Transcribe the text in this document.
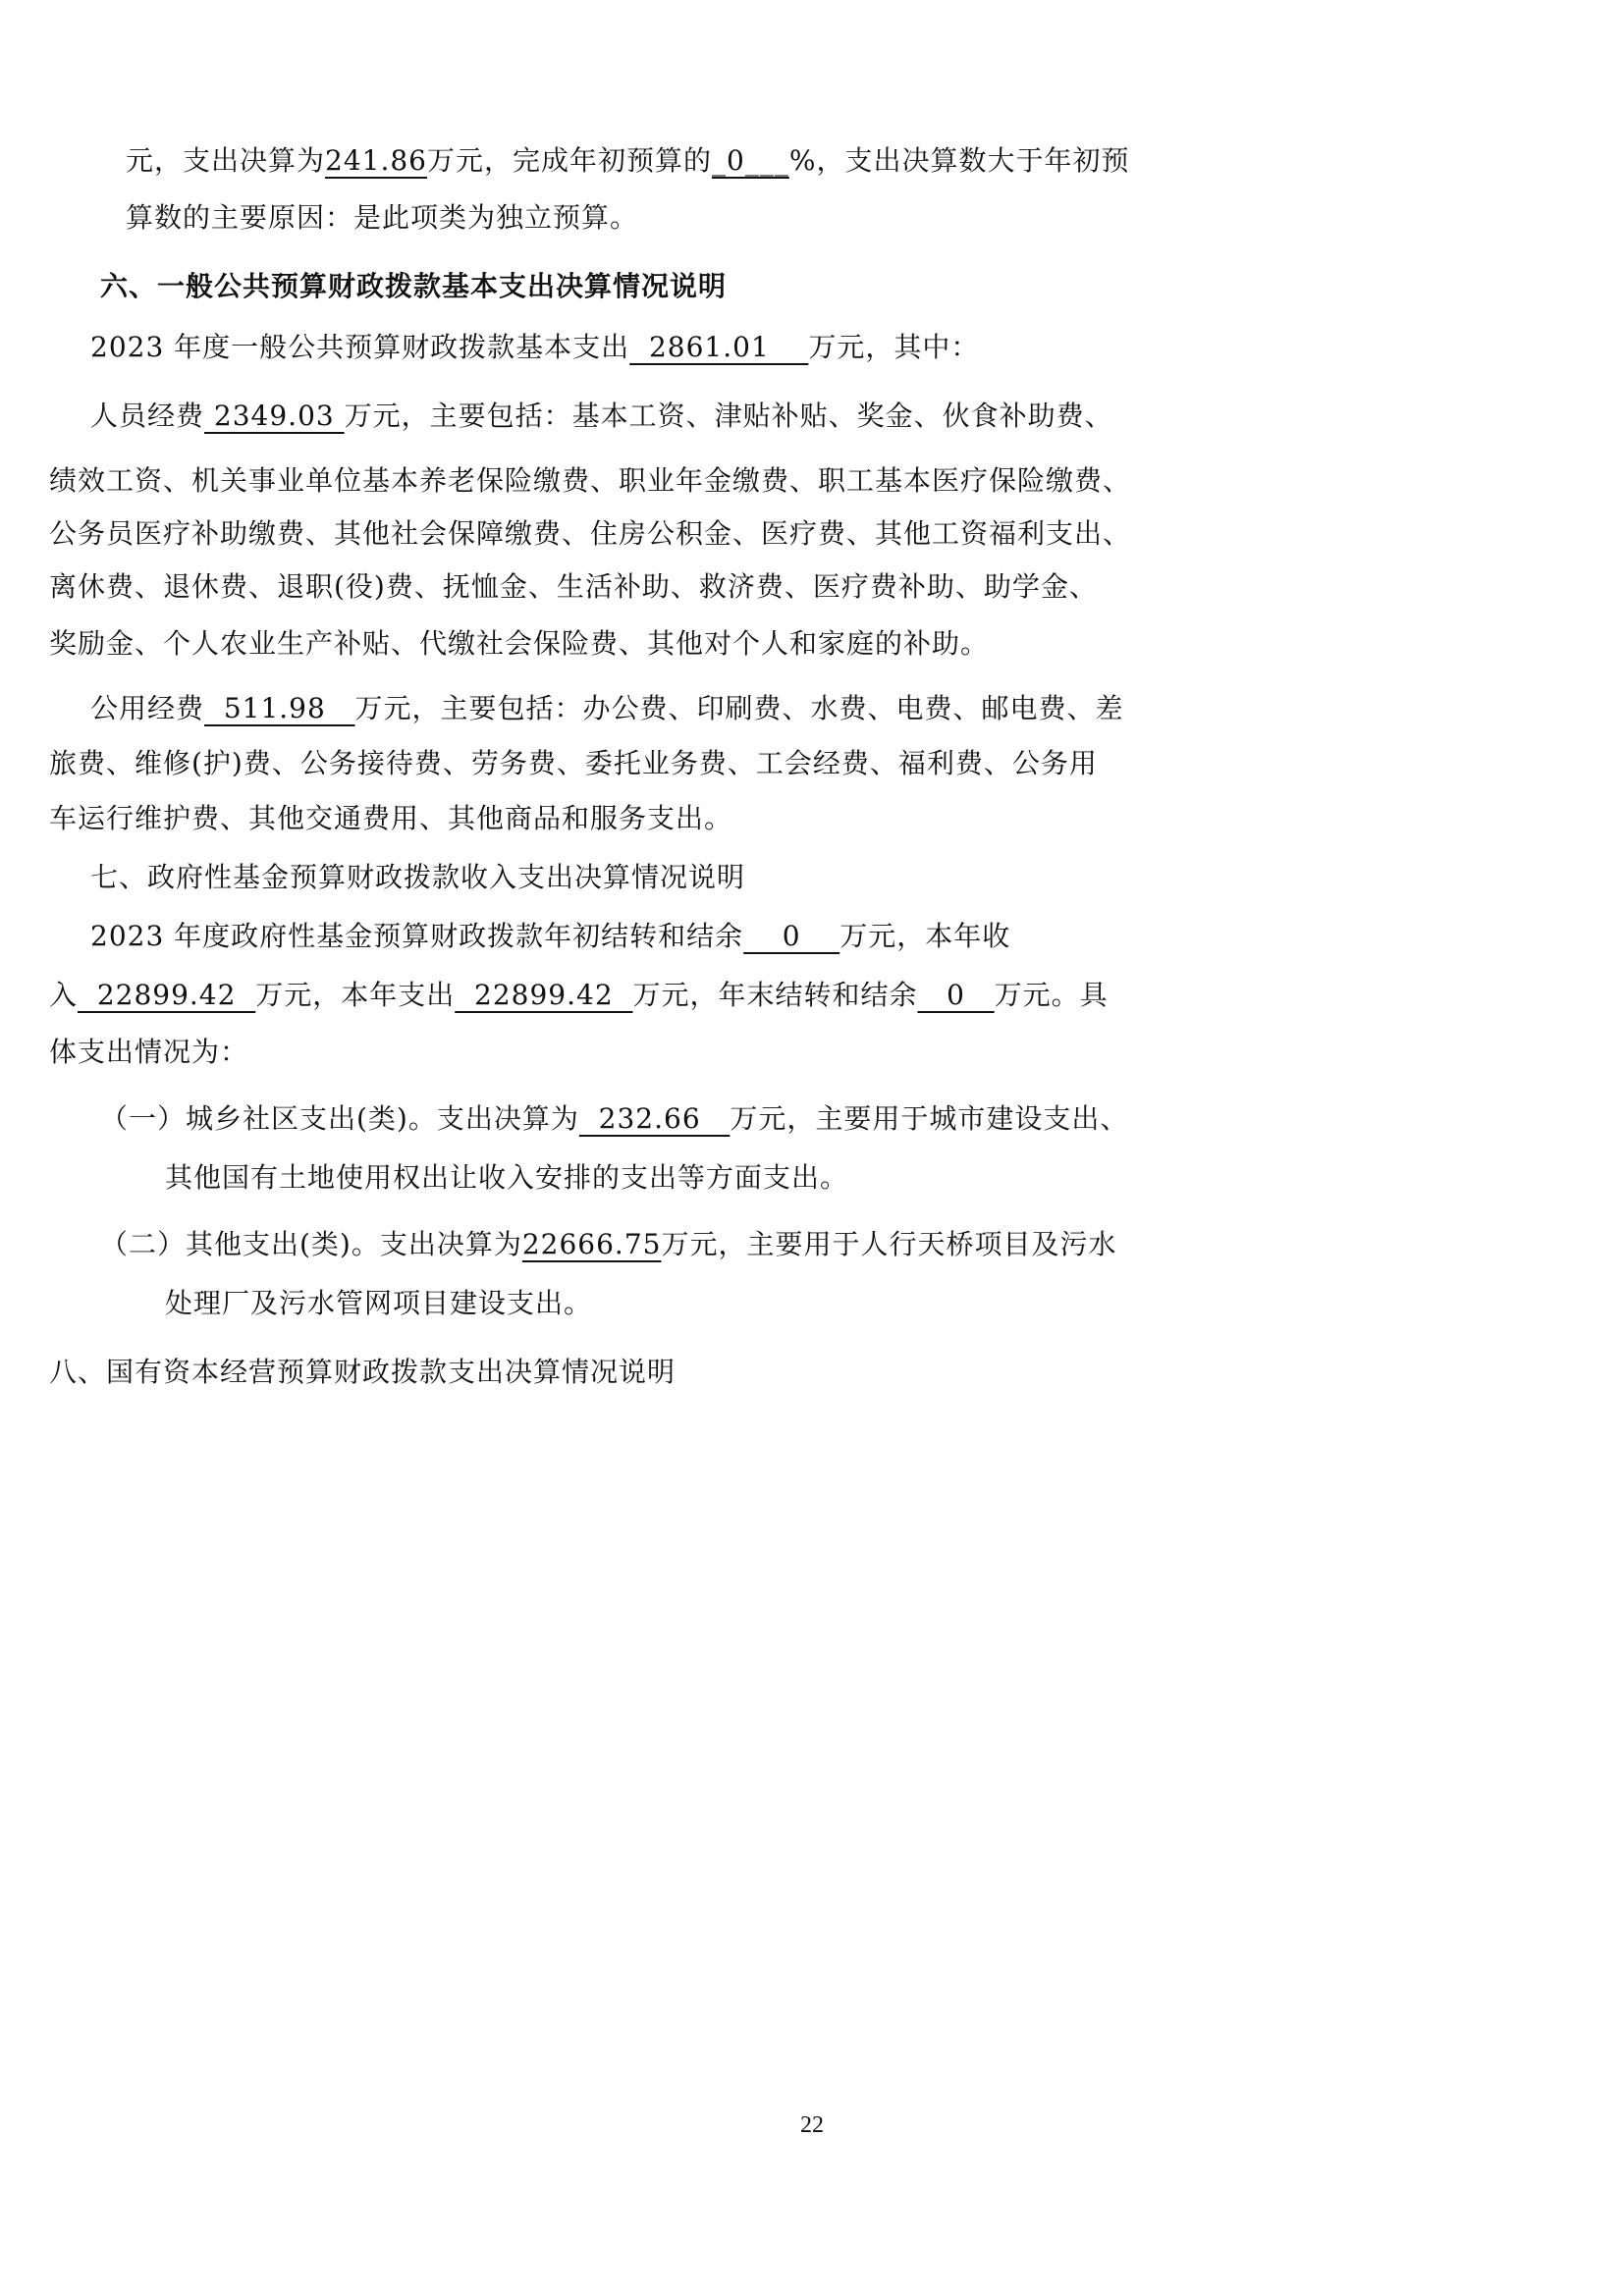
元，支出决算为241.86万元，完成年初预算的_0___%，支出决算数大于年初预
算数的主要原因：是此项类为独立预算。
六、一般公共预算财政拨款基本支出决算情况说明
2023 年度一般公共预算财政拨款基本支出  2861.01    万元，其中：
人员经费 2349.03 万元，主要包括：基本工资、津贴补贴、奖金、伙食补助费、
绩效工资、机关事业单位基本养老保险缴费、职业年金缴费、职工基本医疗保险缴费、
公务员医疗补助缴费、其他社会保障缴费、住房公积金、医疗费、其他工资福利支出、
离休费、退休费、退职(役)费、抚恤金、生活补助、救济费、医疗费补助、助学金、
奖励金、个人农业生产补贴、代缴社会保险费、其他对个人和家庭的补助。
公用经费  511.98   万元，主要包括：办公费、印刷费、水费、电费、邮电费、差
旅费、维修(护)费、公务接待费、劳务费、委托业务费、工会经费、福利费、公务用
车运行维护费、其他交通费用、其他商品和服务支出。
七、政府性基金预算财政拨款收入支出决算情况说明
2023 年度政府性基金预算财政拨款年初结转和结余    0    万元，本年收
入  22899.42  万元，本年支出  22899.42  万元，年末结转和结余   0   万元。具
体支出情况为：
（一）城乡社区支出(类)。支出决算为  232.66   万元，主要用于城市建设支出、
其他国有土地使用权出让收入安排的支出等方面支出。
（二）其他支出(类)。支出决算为22666.75万元，主要用于人行天桥项目及污水
处理厂及污水管网项目建设支出。
八、国有资本经营预算财政拨款支出决算情况说明
22
